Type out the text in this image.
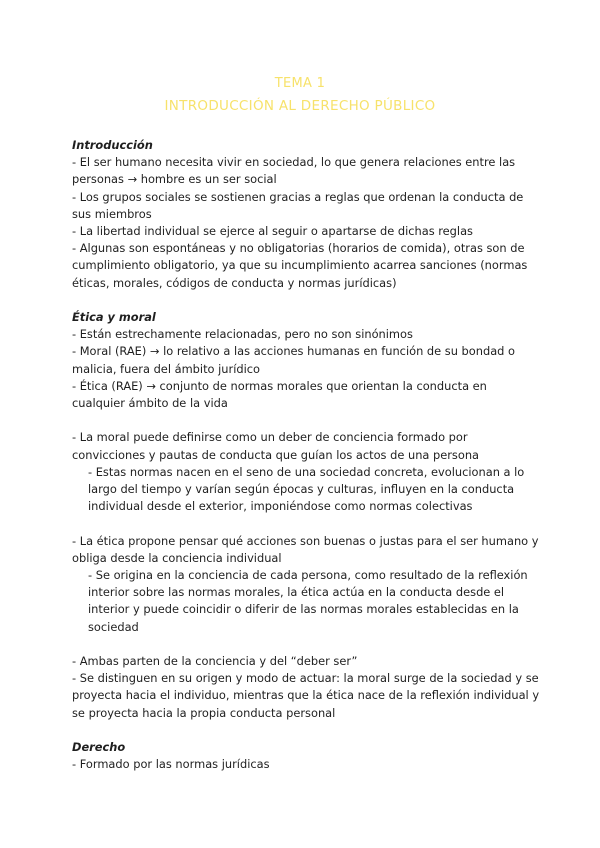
TEMA 1
INTRODUCCIÓN AL DERECHO PÚBLICO

Introducción

- El ser humano necesita vivir en sociedad, lo que genera relaciones entre las personas → hombre es un ser social

- Los grupos sociales se sostienen gracias a reglas que ordenan la conducta de sus miembros

- La libertad individual se ejerce al seguir o apartarse de dichas reglas

- Algunas son espontáneas y no obligatorias (horarios de comida), otras son de cumplimiento obligatorio, ya que su incumplimiento acarrea sanciones (normas éticas, morales, códigos de conducta y normas jurídicas)

Ética y moral

- Están estrechamente relacionadas, pero no son sinónimos

- Moral (RAE) → lo relativo a las acciones humanas en función de su bondad o malicia, fuera del ámbito jurídico

- Ética (RAE) → conjunto de normas morales que orientan la conducta en cualquier ámbito de la vida

- La moral puede definirse como un deber de conciencia formado por convicciones y pautas de conducta que guían los actos de una persona

- Estas normas nacen en el seno de una sociedad concreta, evolucionan a lo largo del tiempo y varían según épocas y culturas, influyen en la conducta individual desde el exterior, imponiéndose como normas colectivas

- La ética propone pensar qué acciones son buenas o justas para el ser humano y obliga desde la conciencia individual

- Se origina en la conciencia de cada persona, como resultado de la reflexión interior sobre las normas morales, la ética actúa en la conducta desde el interior y puede coincidir o diferir de las normas morales establecidas en la sociedad

- Ambas parten de la conciencia y del “deber ser”

- Se distinguen en su origen y modo de actuar: la moral surge de la sociedad y se proyecta hacia el individuo, mientras que la ética nace de la reflexión individual y se proyecta hacia la propia conducta personal

Derecho

- Formado por las normas jurídicas
